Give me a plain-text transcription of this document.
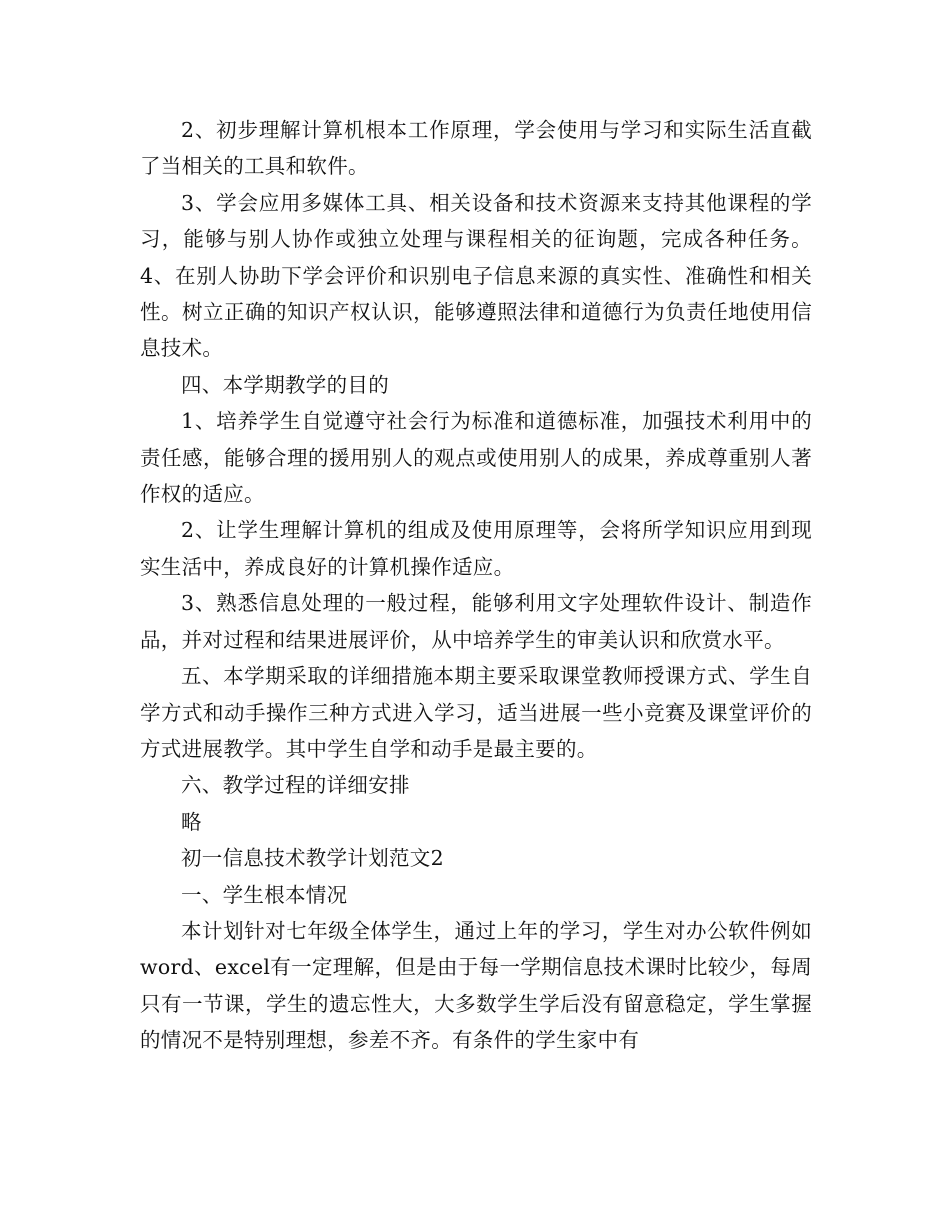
2、初步理解计算机根本工作原理，学会使用与学习和实际生活直截了当相关的工具和软件。

3、学会应用多媒体工具、相关设备和技术资源来支持其他课程的学习，能够与别人协作或独立处理与课程相关的征询题，完成各种任务。4、在别人协助下学会评价和识别电子信息来源的真实性、准确性和相关性。树立正确的知识产权认识，能够遵照法律和道德行为负责任地使用信息技术。

四、本学期教学的目的

1、培养学生自觉遵守社会行为标准和道德标准，加强技术利用中的责任感，能够合理的援用别人的观点或使用别人的成果，养成尊重别人著作权的适应。

2、让学生理解计算机的组成及使用原理等，会将所学知识应用到现实生活中，养成良好的计算机操作适应。

3、熟悉信息处理的一般过程，能够利用文字处理软件设计、制造作品，并对过程和结果进展评价，从中培养学生的审美认识和欣赏水平。

五、本学期采取的详细措施本期主要采取课堂教师授课方式、学生自学方式和动手操作三种方式进入学习，适当进展一些小竞赛及课堂评价的方式进展教学。其中学生自学和动手是最主要的。

六、教学过程的详细安排

略

初一信息技术教学计划范文2

一、学生根本情况

本计划针对七年级全体学生，通过上年的学习，学生对办公软件例如word、excel有一定理解，但是由于每一学期信息技术课时比较少，每周只有一节课，学生的遗忘性大，大多数学生学后没有留意稳定，学生掌握的情况不是特别理想，参差不齐。有条件的学生家中有
